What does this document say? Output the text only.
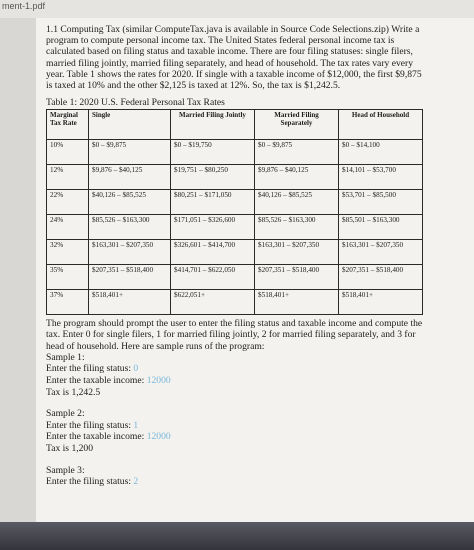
ment-1.pdf

1.1 Computing Tax (similar ComputeTax.java is available in Source Code Selections.zip) Write a program to compute personal income tax. The United States federal personal income tax is calculated based on filing status and taxable income. There are four filing statuses: single filers, married filing jointly, married filing separately, and head of household. The tax rates vary every year. Table 1 shows the rates for 2020. If single with a taxable income of $12,000, the first $9,875 is taxed at 10% and the other $2,125 is taxed at 12%. So, the tax is $1,242.5.

Table 1: 2020 U.S. Federal Personal Tax Rates
Marginal Tax Rate	Single	Married Filing Jointly	Married Filing Separately	Head of Household
10%	$0 – $9,875	$0 – $19,750	$0 – $9,875	$0 – $14,100
12%	$9,876 – $40,125	$19,751 – $80,250	$9,876 – $40,125	$14,101 – $53,700
22%	$40,126 – $85,525	$80,251 – $171,050	$40,126 – $85,525	$53,701 – $85,500
24%	$85,526 – $163,300	$171,051 – $326,600	$85,526 – $163,300	$85,501 – $163,300
32%	$163,301 – $207,350	$326,601 – $414,700	$163,301 – $207,350	$163,301 – $207,350
35%	$207,351 – $518,400	$414,701 – $622,050	$207,351 – $518,400	$207,351 – $518,400
37%	$518,401+	$622,051+	$518,401+	$518,401+
The program should prompt the user to enter the filing status and taxable income and compute the tax. Enter 0 for single filers, 1 for married filing jointly, 2 for married filing separately, and 3 for head of household. Here are sample runs of the program:
Sample 1:
Enter the filing status: 0
Enter the taxable income: 12000
Tax is 1,242.5
Sample 2:
Enter the filing status: 1
Enter the taxable income: 12000
Tax is 1,200
Sample 3:
Enter the filing status: 2
